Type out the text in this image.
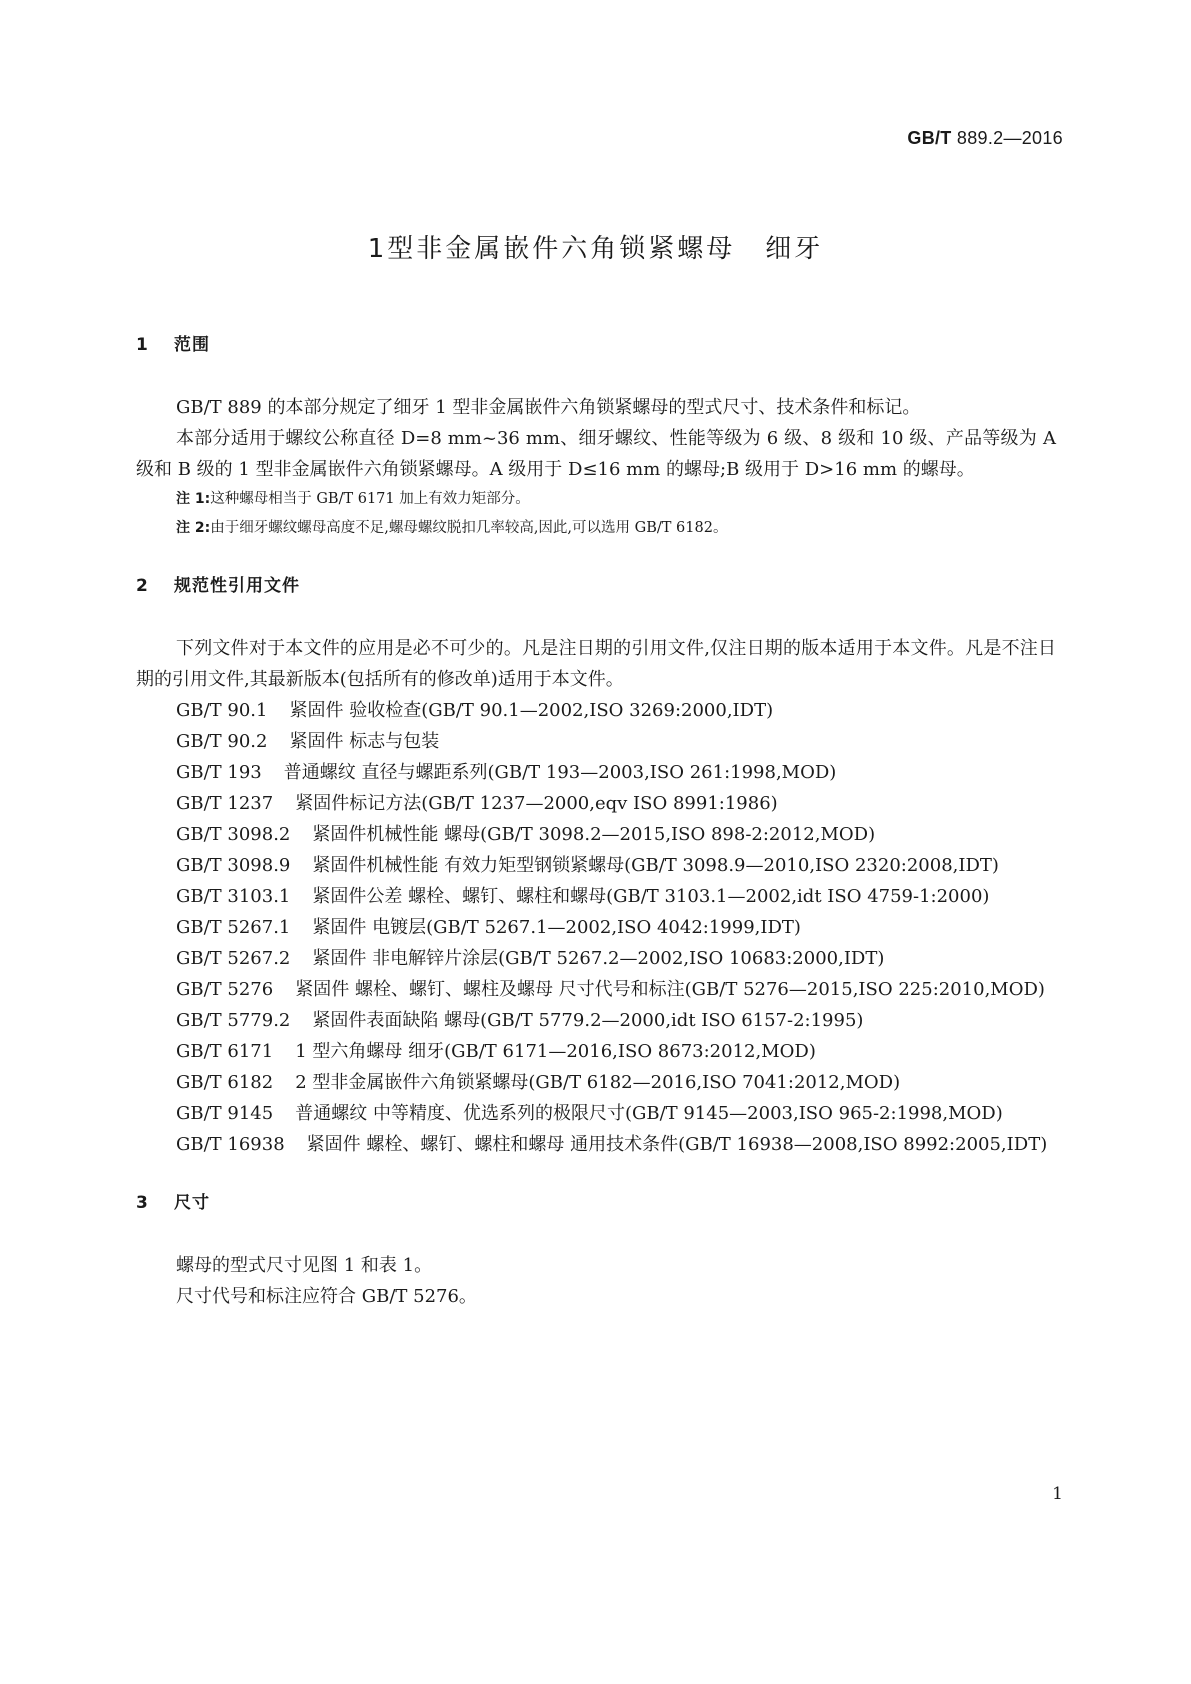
GB/T 889.2—2016
1型非金属嵌件六角锁紧螺母 细牙
1 范围

GB/T 889 的本部分规定了细牙 1 型非金属嵌件六角锁紧螺母的型式尺寸、技术条件和标记。

本部分适用于螺纹公称直径 D=8 mm~36 mm、细牙螺纹、性能等级为 6 级、8 级和 10 级、产品等级为 A 级和 B 级的 1 型非金属嵌件六角锁紧螺母。A 级用于 D≤16 mm 的螺母;B 级用于 D>16 mm 的螺母。

注 1:这种螺母相当于 GB/T 6171 加上有效力矩部分。

注 2:由于细牙螺纹螺母高度不足,螺母螺纹脱扣几率较高,因此,可以选用 GB/T 6182。

2 规范性引用文件

下列文件对于本文件的应用是必不可少的。凡是注日期的引用文件,仅注日期的版本适用于本文件。凡是不注日期的引用文件,其最新版本(包括所有的修改单)适用于本文件。

GB/T 90.1 紧固件 验收检查(GB/T 90.1—2002,ISO 3269:2000,IDT)

GB/T 90.2 紧固件 标志与包装

GB/T 193 普通螺纹 直径与螺距系列(GB/T 193—2003,ISO 261:1998,MOD)

GB/T 1237 紧固件标记方法(GB/T 1237—2000,eqv ISO 8991:1986)

GB/T 3098.2 紧固件机械性能 螺母(GB/T 3098.2—2015,ISO 898-2:2012,MOD)

GB/T 3098.9 紧固件机械性能 有效力矩型钢锁紧螺母(GB/T 3098.9—2010,ISO 2320:2008,IDT)

GB/T 3103.1 紧固件公差 螺栓、螺钉、螺柱和螺母(GB/T 3103.1—2002,idt ISO 4759-1:2000)

GB/T 5267.1 紧固件 电镀层(GB/T 5267.1—2002,ISO 4042:1999,IDT)

GB/T 5267.2 紧固件 非电解锌片涂层(GB/T 5267.2—2002,ISO 10683:2000,IDT)

GB/T 5276 紧固件 螺栓、螺钉、螺柱及螺母 尺寸代号和标注(GB/T 5276—2015,ISO 225:2010,MOD)

GB/T 5779.2 紧固件表面缺陷 螺母(GB/T 5779.2—2000,idt ISO 6157-2:1995)

GB/T 6171 1 型六角螺母 细牙(GB/T 6171—2016,ISO 8673:2012,MOD)

GB/T 6182 2 型非金属嵌件六角锁紧螺母(GB/T 6182—2016,ISO 7041:2012,MOD)

GB/T 9145 普通螺纹 中等精度、优选系列的极限尺寸(GB/T 9145—2003,ISO 965-2:1998,MOD)

GB/T 16938 紧固件 螺栓、螺钉、螺柱和螺母 通用技术条件(GB/T 16938—2008,ISO 8992:2005,IDT)

3 尺寸

螺母的型式尺寸见图 1 和表 1。

尺寸代号和标注应符合 GB/T 5276。

1
